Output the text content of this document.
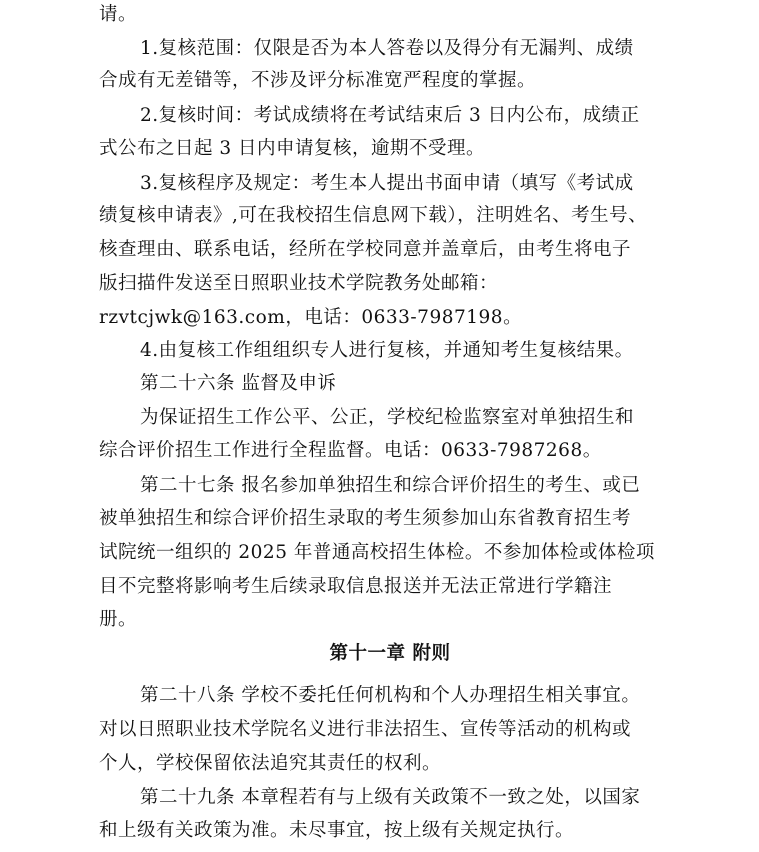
请。
1.复核范围：仅限是否为本人答卷以及得分有无漏判、成绩
合成有无差错等，不涉及评分标准宽严程度的掌握。
2.复核时间：考试成绩将在考试结束后 3 日内公布，成绩正
式公布之日起 3 日内申请复核，逾期不受理。
3.复核程序及规定：考生本人提出书面申请（填写《考试成
绩复核申请表》,可在我校招生信息网下载），注明姓名、考生号、
核查理由、联系电话，经所在学校同意并盖章后，由考生将电子
版扫描件发送至日照职业技术学院教务处邮箱：
rzvtcjwk@163.com，电话：0633-7987198。
4.由复核工作组组织专人进行复核，并通知考生复核结果。
第二十六条 监督及申诉
为保证招生工作公平、公正，学校纪检监察室对单独招生和
综合评价招生工作进行全程监督。电话：0633-7987268。
第二十七条 报名参加单独招生和综合评价招生的考生、或已
被单独招生和综合评价招生录取的考生须参加山东省教育招生考
试院统一组织的 2025 年普通高校招生体检。不参加体检或体检项
目不完整将影响考生后续录取信息报送并无法正常进行学籍注
册。
第十一章 附则
第二十八条 学校不委托任何机构和个人办理招生相关事宜。
对以日照职业技术学院名义进行非法招生、宣传等活动的机构或
个人，学校保留依法追究其责任的权利。
第二十九条 本章程若有与上级有关政策不一致之处，以国家
和上级有关政策为准。未尽事宜，按上级有关规定执行。
